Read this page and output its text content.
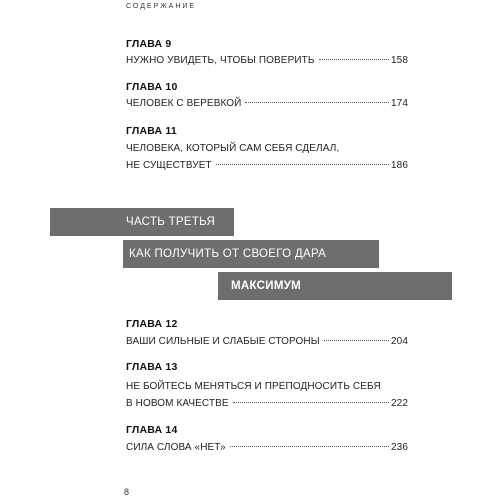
СОДЕРЖАНИЕ
ГЛАВА 9
НУЖНО УВИДЕТЬ, ЧТОБЫ ПОВЕРИТЬ	158
ГЛАВА 10
ЧЕЛОВЕК С ВЕРЕВКОЙ	174
ГЛАВА 11
ЧЕЛОВЕКА, КОТОРЫЙ САМ СЕБЯ СДЕЛАЛ,
НЕ СУЩЕСТВУЕТ	186
ЧАСТЬ ТРЕТЬЯ
КАК ПОЛУЧИТЬ ОТ СВОЕГО ДАРА
МАКСИМУМ
ГЛАВА 12
ВАШИ СИЛЬНЫЕ И СЛАБЫЕ СТОРОНЫ	204
ГЛАВА 13
НЕ БОЙТЕСЬ МЕНЯТЬСЯ И ПРЕПОДНОСИТЬ СЕБЯ
В НОВОМ КАЧЕСТВЕ	222
ГЛАВА 14
СИЛА СЛОВА «НЕТ»	236
8
